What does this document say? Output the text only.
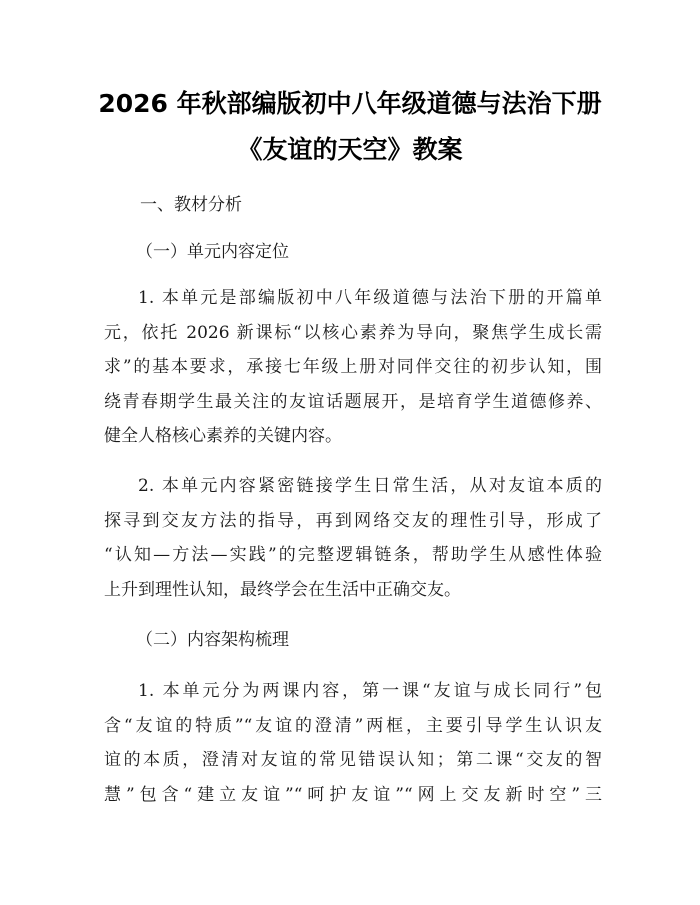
2026 年秋部编版初中八年级道德与法治下册
《友谊的天空》教案
一、教材分析
（一）单元内容定位
1. 本单元是部编版初中八年级道德与法治下册的开篇单
元，依托 2026 新课标“以核心素养为导向，聚焦学生成长需
求”的基本要求，承接七年级上册对同伴交往的初步认知，围
绕青春期学生最关注的友谊话题展开，是培育学生道德修养、
健全人格核心素养的关键内容。
2. 本单元内容紧密链接学生日常生活，从对友谊本质的
探寻到交友方法的指导，再到网络交友的理性引导，形成了
“认知—方法—实践”的完整逻辑链条，帮助学生从感性体验
上升到理性认知，最终学会在生活中正确交友。
（二）内容架构梳理
1. 本单元分为两课内容，第一课“友谊与成长同行”包
含“友谊的特质”“友谊的澄清”两框，主要引导学生认识友
谊的本质，澄清对友谊的常见错误认知；第二课“交友的智
慧”包含“建立友谊”“呵护友谊”“网上交友新时空”三
